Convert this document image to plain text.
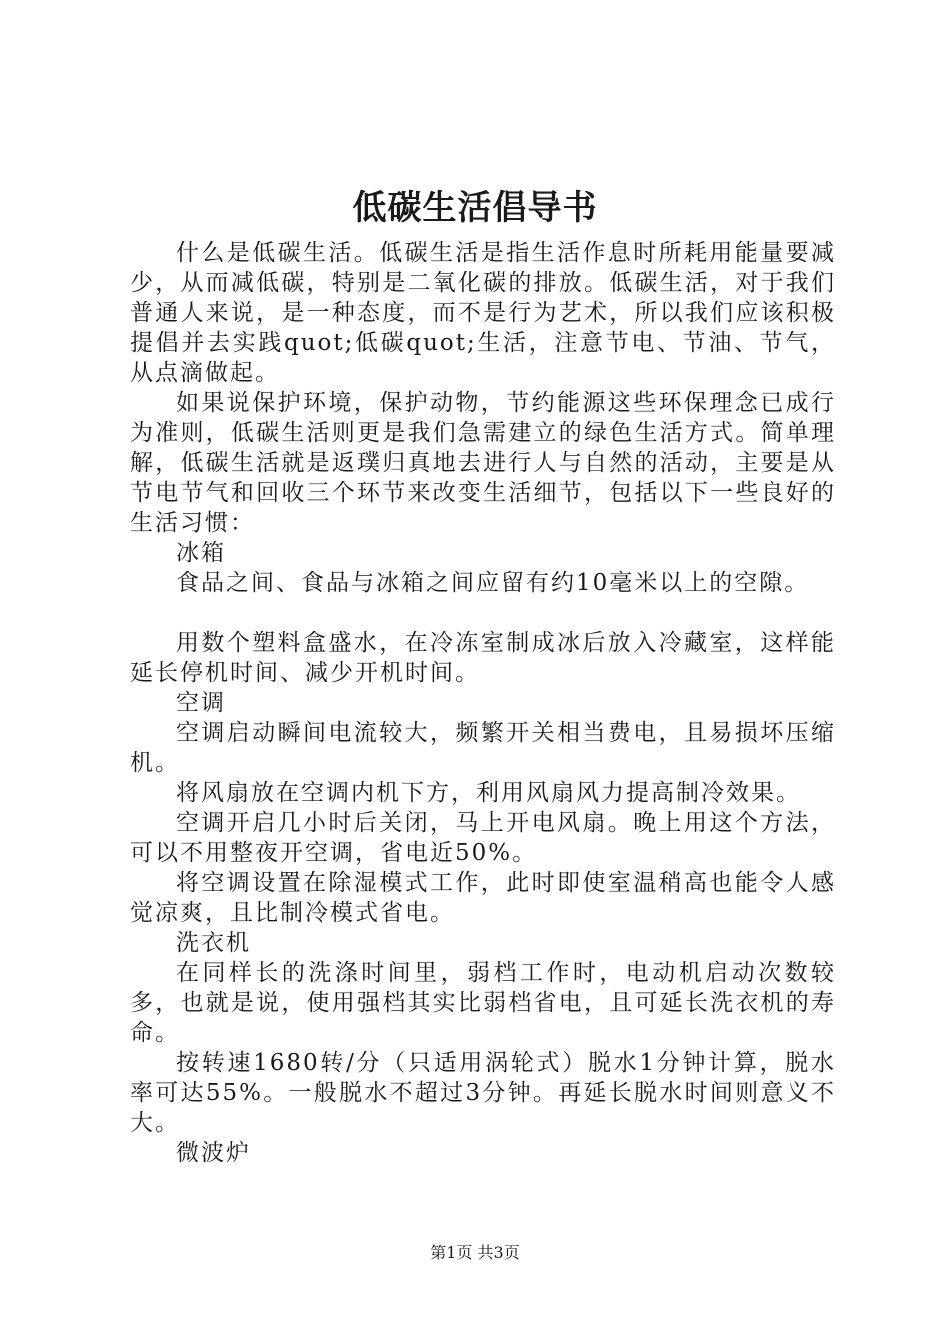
低碳生活倡导书

什么是低碳生活。低碳生活是指生活作息时所耗用能量要减少，从而减低碳，特别是二氧化碳的排放。低碳生活，对于我们普通人来说，是一种态度，而不是行为艺术，所以我们应该积极提倡并去实践quot;低碳quot;生活，注意节电、节油、节气，从点滴做起。

如果说保护环境，保护动物，节约能源这些环保理念已成行为准则，低碳生活则更是我们急需建立的绿色生活方式。简单理解，低碳生活就是返璞归真地去进行人与自然的活动，主要是从节电节气和回收三个环节来改变生活细节，包括以下一些良好的生活习惯：

冰箱

食品之间、食品与冰箱之间应留有约10毫米以上的空隙。

用数个塑料盒盛水，在冷冻室制成冰后放入冷藏室，这样能延长停机时间、减少开机时间。

空调

空调启动瞬间电流较大，频繁开关相当费电，且易损坏压缩机。

将风扇放在空调内机下方，利用风扇风力提高制冷效果。

空调开启几小时后关闭，马上开电风扇。晚上用这个方法，可以不用整夜开空调，省电近50%。

将空调设置在除湿模式工作，此时即使室温稍高也能令人感觉凉爽，且比制冷模式省电。

洗衣机

在同样长的洗涤时间里，弱档工作时，电动机启动次数较多，也就是说，使用强档其实比弱档省电，且可延长洗衣机的寿命。

按转速1680转/分（只适用涡轮式）脱水1分钟计算，脱水率可达55%。一般脱水不超过3分钟。再延长脱水时间则意义不大。

微波炉

第1页 共3页
